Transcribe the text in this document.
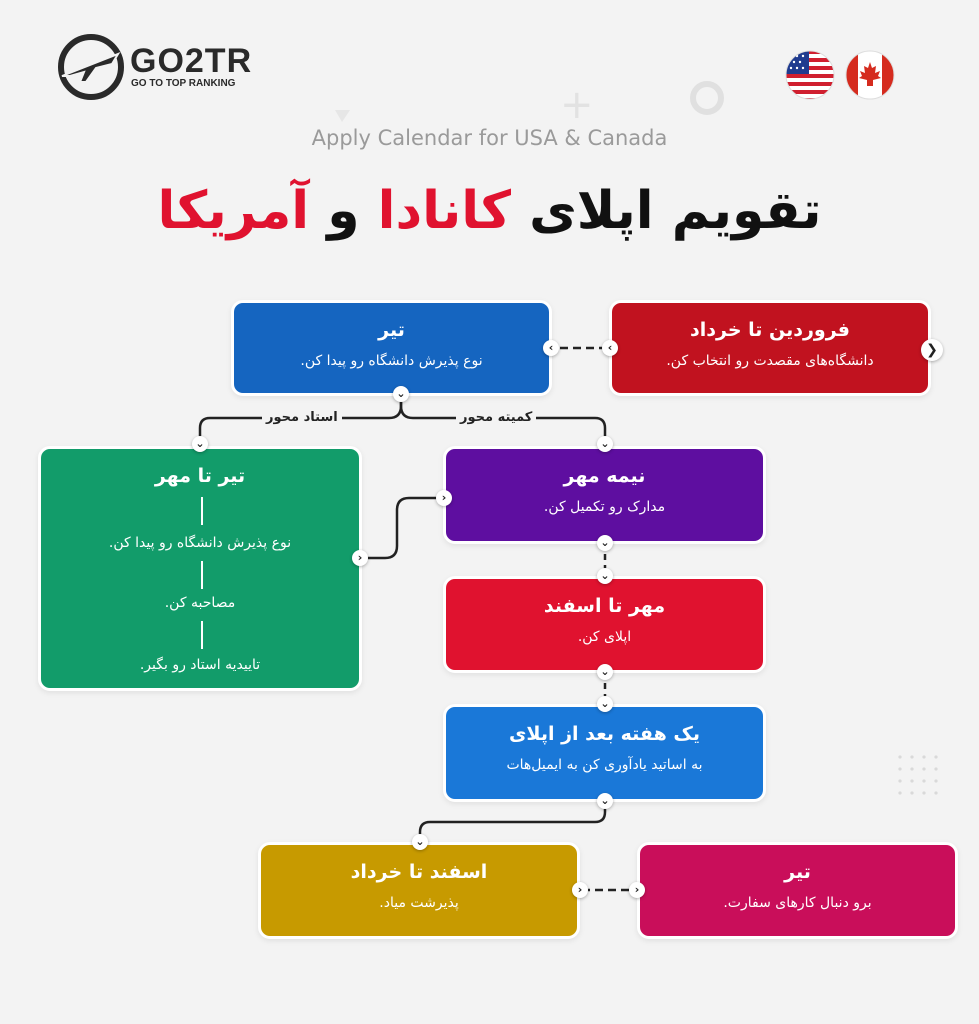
+
GO2TR
GO TO TOP RANKING
Apply Calendar for USA & Canada
تقویم اپلای کانادا و آمریکا
استاد محور	کمیته محور
فروردین تا خرداد
دانشگاه‌های مقصدت رو انتخاب کن.
تیر
نوع پذیرش دانشگاه رو پیدا کن.
تیر تا مهر
نوع پذیرش دانشگاه رو پیدا کن.
مصاحبه کن.
تاییدیه استاد رو بگیر.
نیمه مهر
مدارک رو تکمیل کن.
مهر تا اسفند
اپلای کن.
یک هفته بعد از اپلای
به اساتید یادآوری کن به ایمیل‌هات
تیر
برو دنبال کارهای سفارت.
اسفند تا خرداد
پذیرشت میاد.
❯
‹
‹
⌄
⌄	⌄
›
›
⌄
⌄
⌄
⌄
⌄
⌄
›	›
